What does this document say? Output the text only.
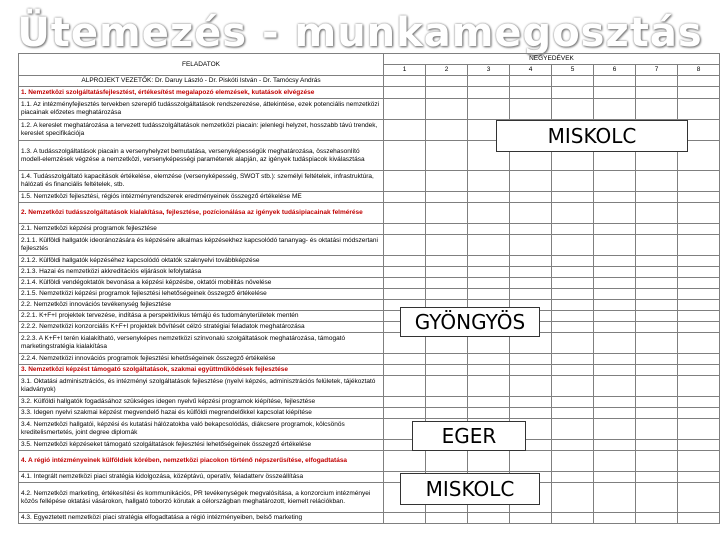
Ütemezés - munkamegosztás
FELADATOK	NEGYEDÉVEK							
	1	2	3	4	5	6	7	8
ALPROJEKT VEZETŐK: Dr. Daruy László - Dr. Piskóti István - Dr. Tamócsy András								
1. Nemzetközi szolgáltatásfejlesztést, értékesítést megalapozó elemzések, kutatások elvégzése								
1.1. Az intézményfejlesztés tervekben szereplő tudásszolgáltatások rendszerezése, áttekintése, ezek potenciális nemzetközi piacainak előzetes meghatározása								
1.2. A kereslet meghatározása a tervezett tudásszolgáltatások nemzetközi piacain: jelenlegi helyzet, hosszabb távú trendek, kereslet specifikációja								
1.3. A tudásszolgáltatások piacain a versenyhelyzet bemutatása, versenyképességük meghatározása, összehasonlító modell-elemzések végzése a nemzetközi, versenyképességi paraméterek alapján, az igények tudáspiacok kiválasztása								
1.4. Tudásszolgáltató kapacitások értékelése, elemzése (versenyképesség, SWOT stb.): személyi feltételek, infrastruktúra, hálózati és financiális feltételek, stb.								
1.5. Nemzetközi fejlesztési, régiós intézményrendszerek eredményeinek összegző értékelése ME								
2. Nemzetközi tudásszolgáltatások kialakítása, fejlesztése, pozícionálása az igények tudásipiacainak felmérése								
2.1. Nemzetközi képzési programok fejlesztése								
2.1.1. Külföldi hallgatók ideoránozására és képzésére alkalmas képzésekhez kapcsolódó tananyag- és oktatási módszertani fejlesztés								
2.1.2. Külföldi hallgatók képzéséhez kapcsolódó oktatók szaknyelvi továbbképzése								
2.1.3. Hazai és nemzetközi akkreditációs eljárások lefolytatása								
2.1.4. Külföldi vendégoktatók bevonása a képzési képzésbe, oktatói mobilitás növelése								
2.1.5. Nemzetközi képzési programok fejlesztési lehetőségeinek összegző értékelése								
2.2. Nemzetközi innovációs tevékenység fejlesztése								
2.2.1. K+F+I projektek tervezése, indítása a perspektivikus témájú és tudományterületek mentén								
2.2.2. Nemzetközi konzorciális K+F+I projektek bővítését célzó stratégiai feladatok meghatározása								
2.2.3. A K+F+I terén kialakítható, versenyképes nemzetközi színvonalú szolgáltatások meghatározása, támogató marketingstratégia kialakítása								
2.2.4. Nemzetközi innovációs programok fejlesztési lehetőségeinek összegző értékelése								
3. Nemzetközi képzést támogató szolgáltatások, szakmai együttműködések fejlesztése								
3.1. Oktatási adminisztrációs, és intézményi szolgáltatások fejlesztése (nyelvi képzés, adminisztrációs felületek, tájékoztató kiadványok)								
3.2. Külföldi hallgatók fogadásához szükséges idegen nyelvű képzési programok kiépítése, fejlesztése								
3.3. Idegen nyelvi szakmai képzést megvendelő hazai és külföldi megrendelőkkel kapcsolat kiépítése								
3.4. Nemzetközi hallgatói, képzési és kutatási hálózatokba való bekapcsolódás, diákcsere programok, kölcsönös kreditelismertetés, joint degree diplomák								
3.5. Nemzetközi képzéseket támogató szolgáltatások fejlesztési lehetőségeinek összegző értékelése								
4. A régió intézményeinek külföldiek körében, nemzetközi piacokon történő népszerűsítése, elfogadtatása								
4.1. Integrált nemzetközi piaci stratégia kidolgozása, középtávú, operatív, feladatterv összeállítása								
4.2. Nemzetközi marketing, értékesítési és kommunikációs, PR tevékenységek megvalósítása, a konzorcium intézményei közös fellépése oktatási vásárokon, hallgató toborzó körutak a célországban meghatározott, kiemelt relációkban.								
4.3. Egyeztetett nemzetközi piaci stratégia elfogadtatása a régió intézményeiben, belső marketing								
MISKOLC
GYÖNGYÖS
EGER
MISKOLC
